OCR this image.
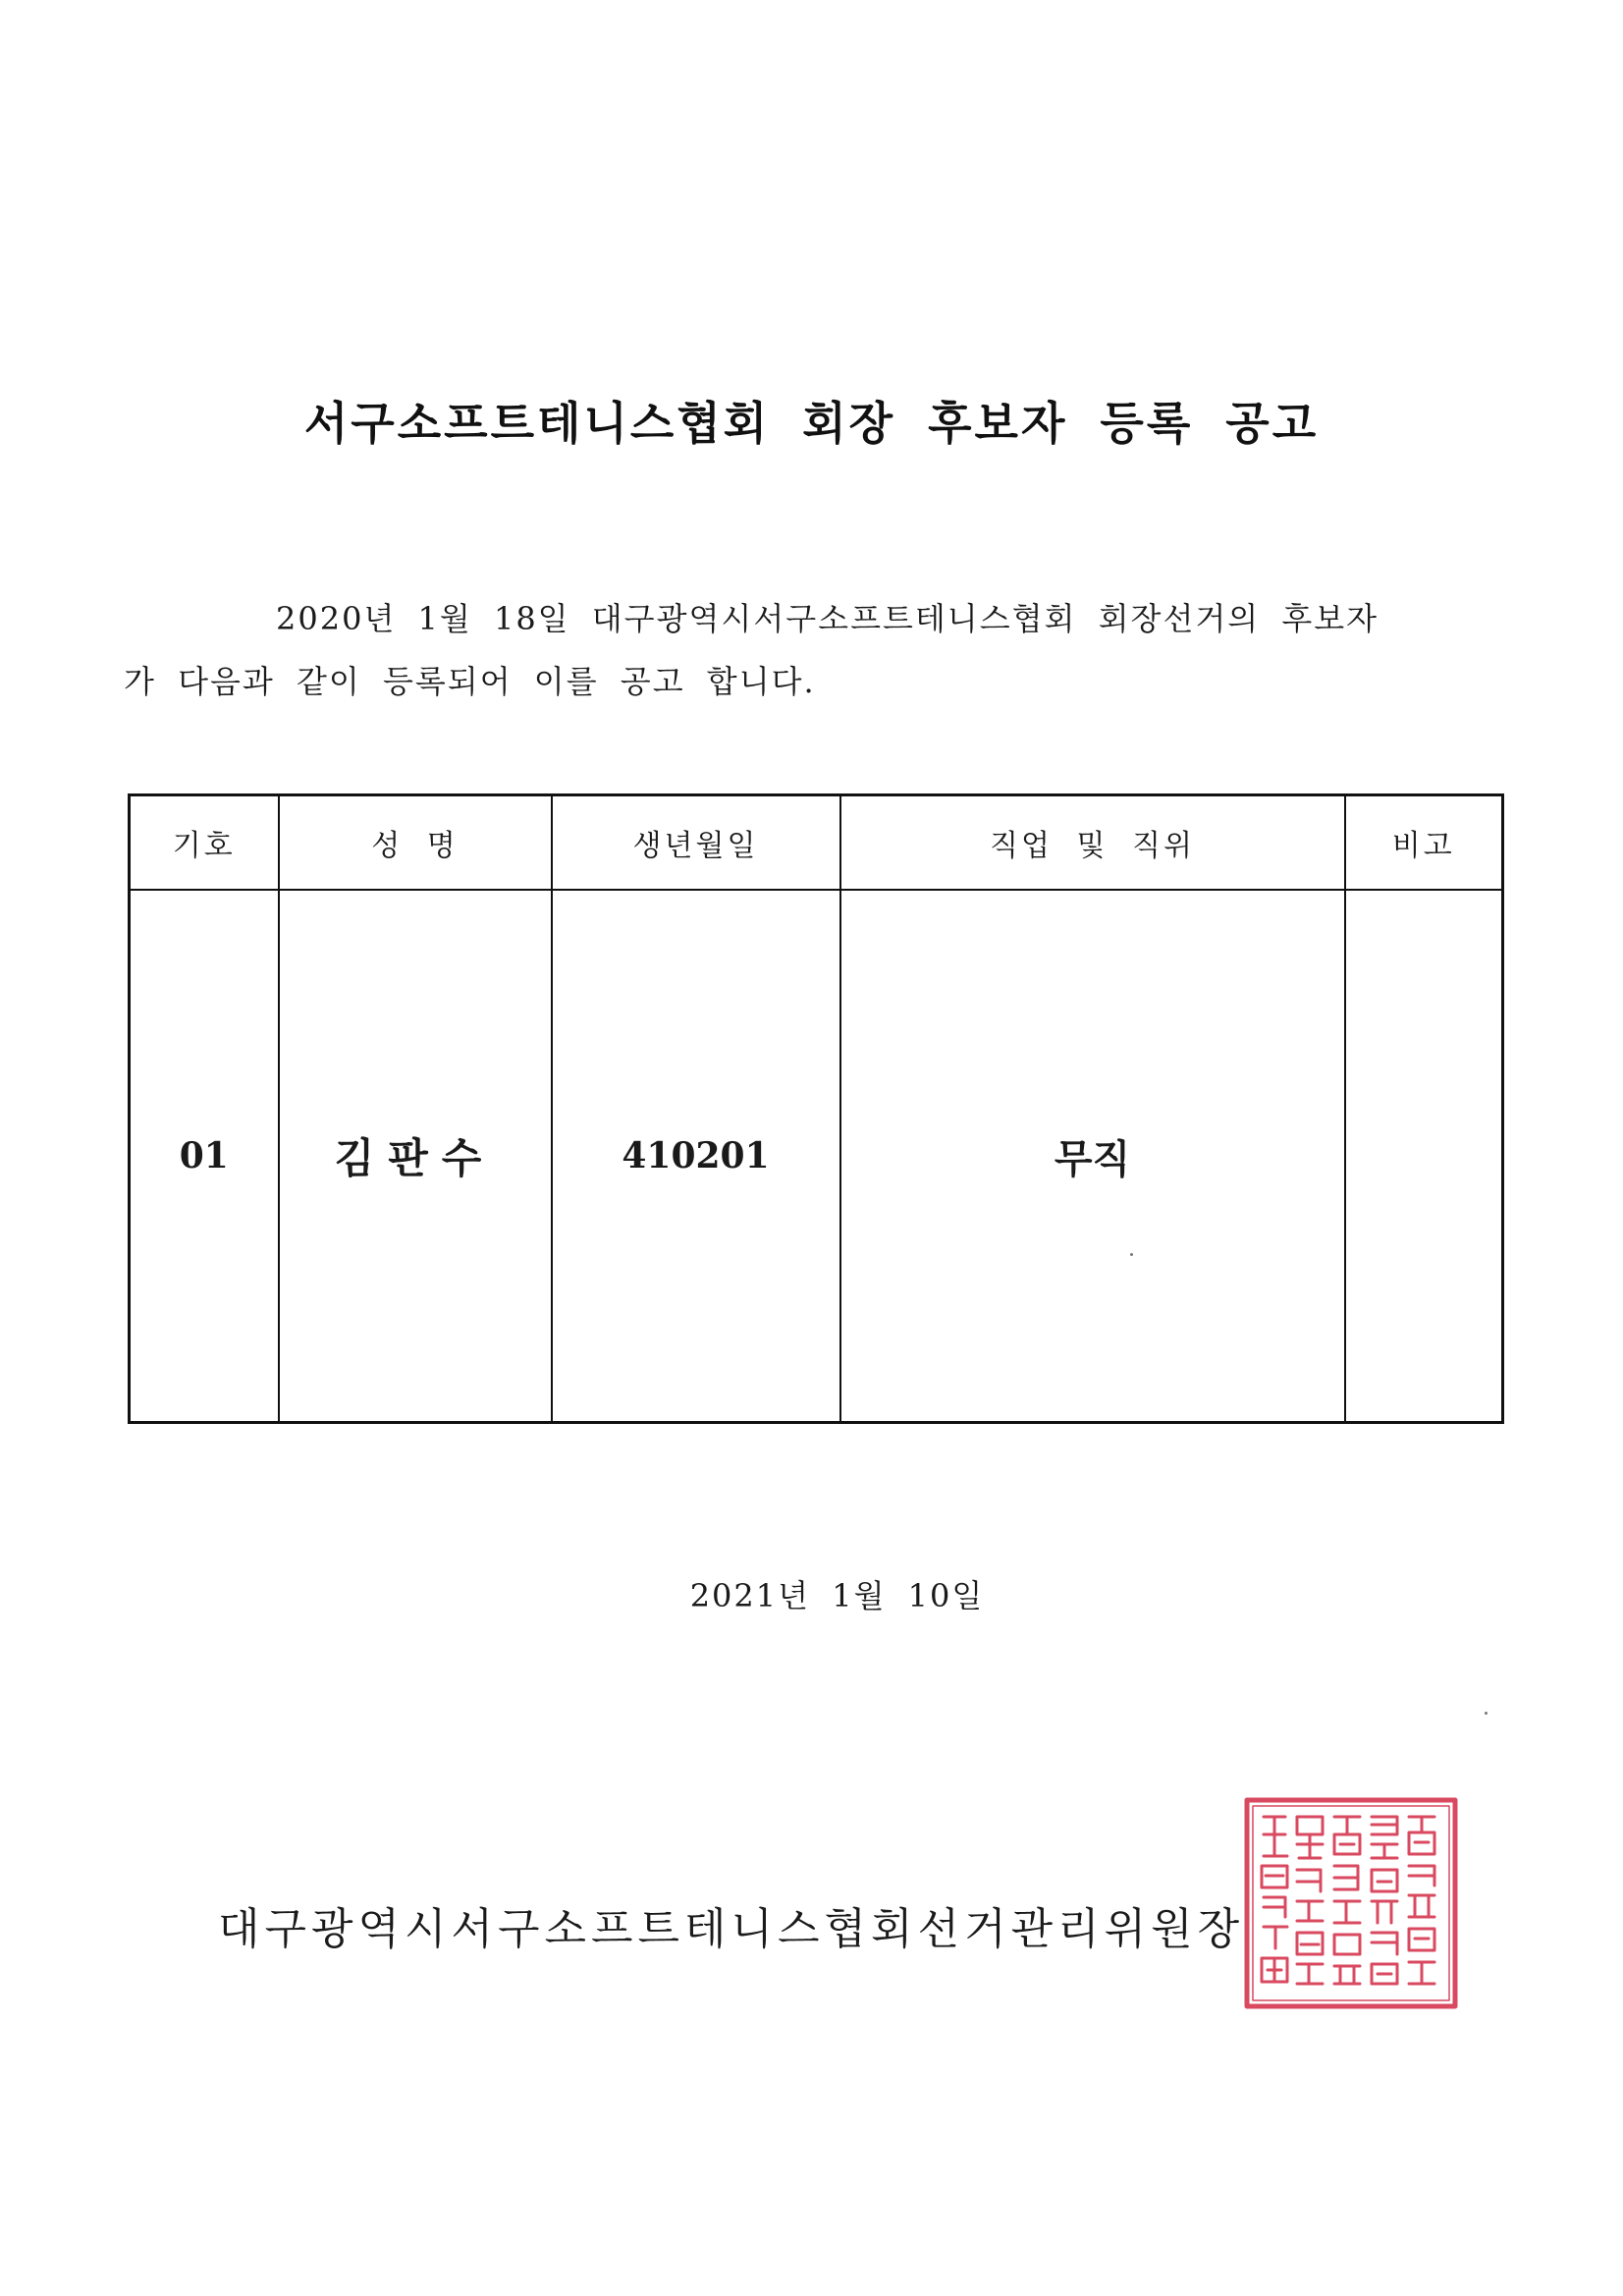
서구소프트테니스협회 회장 후보자 등록 공고
2020년 1월 18일 대구광역시서구소프트테니스협회 회장선거의 후보자
가 다음과 같이 등록되어 이를 공고 합니다.
기호	성 명	생년월일	직업 및 직위	비고
01	김판수	410201	무직	
2021년 1월 10일
대구광역시서구소프트테니스협회선거관리위원장
